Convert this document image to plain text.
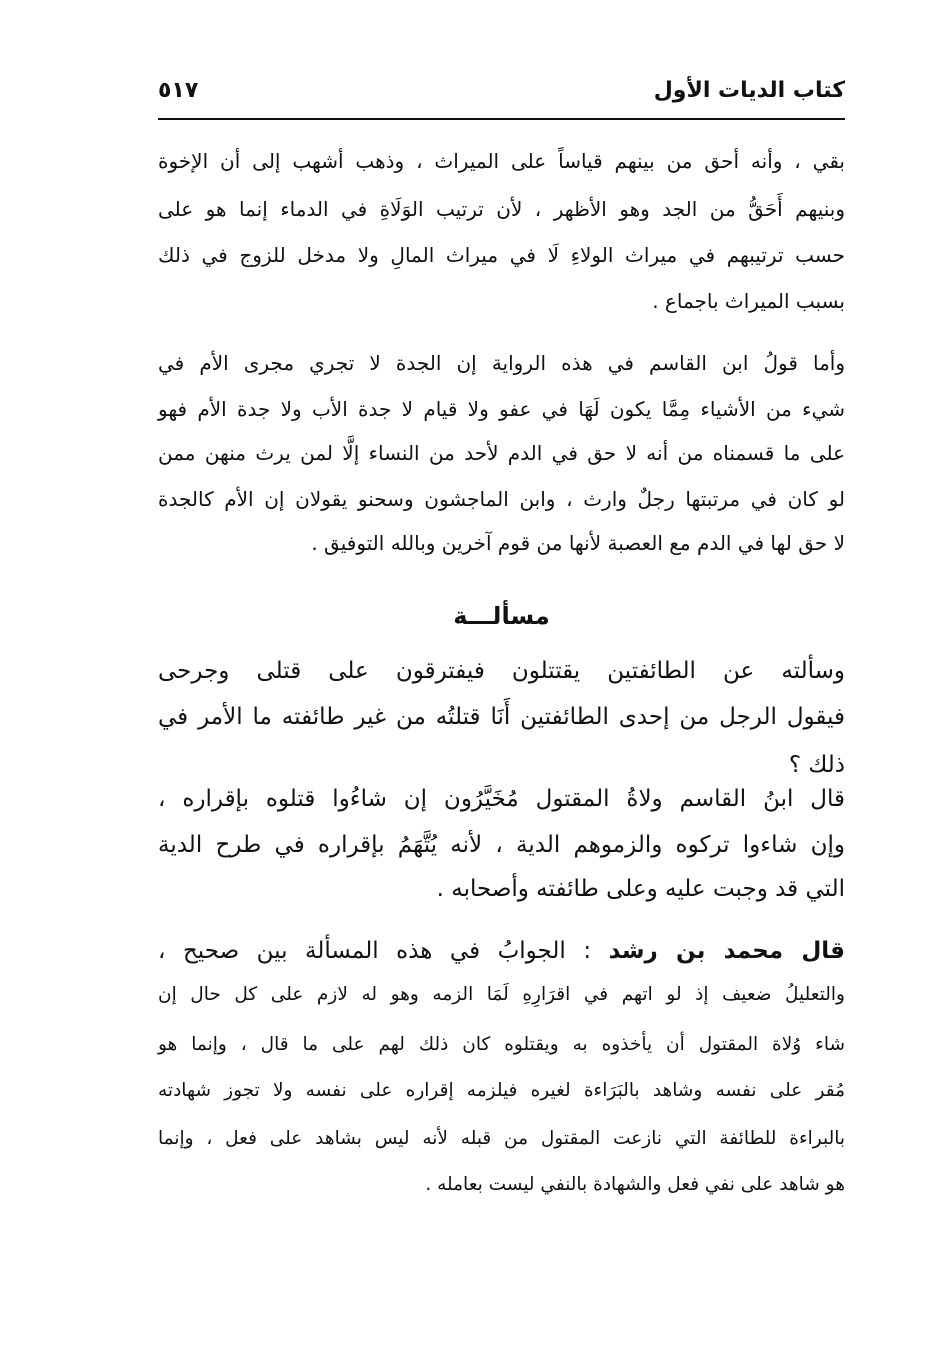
كتاب الديات الأول
٥١٧
بقي ، وأنه أحق من بينهم قياساً على الميراث ، وذهب أشهب إلى أن الإخوة
وبنيهم أَحَقُّ من الجد وهو الأظهر ، لأن ترتيب الوَلَاةِ في الدماء إنما هو على
حسب ترتيبهم في ميراث الولاءِ لَا في ميراث المالِ ولا مدخل للزوج في ذلك
بسبب الميراث باجماع .
وأما قولُ ابن القاسم في هذه الرواية إن الجدة لا تجري مجرى الأم في
شيء من الأشياء مِمَّا يكون لَهَا في عفو ولا قيام لا جدة الأب ولا جدة الأم فهو
على ما قسمناه من أنه لا حق في الدم لأحد من النساء إلَّا لمن يرث منهن ممن
لو كان في مرتبتها رجلٌ وارث ، وابن الماجشون وسحنو يقولان إن الأم كالجدة
لا حق لها في الدم مع العصبة لأنها من قوم آخرين وبالله التوفيق .
مسألـــة
وسألته عن الطائفتين يقتتلون فيفترقون على قتلى وجرحى
فيقول الرجل من إحدى الطائفتين أَنَا قتلتُه من غير طائفته ما الأمر في
ذلك ؟
قال ابنُ القاسم ولاةُ المقتول مُخَيَّرُون إن شاءُوا قتلوه بإقراره ،
وإن شاءوا تركوه والزموهم الدية ، لأنه يُتَّهَمُ بإقراره في طرح الدية
التي قد وجبت عليه وعلى طائفته وأصحابه .
قال محمد بن رشد : الجوابُ في هذه المسألة بين صحيح ،
والتعليلُ ضعيف إذ لو اتهم في اقرَارِهِ لَمَا الزمه وهو له لازم على كل حال إن
شاء وُلاة المقتول أن يأخذوه به ويقتلوه كان ذلك لهم على ما قال ، وإنما هو
مُقر على نفسه وشاهد بالبَرَاءة لغيره فيلزمه إقراره على نفسه ولا تجوز شهادته
بالبراءة للطائفة التي نازعت المقتول من قبله لأنه ليس بشاهد على فعل ، وإنما
هو شاهد على نفي فعل والشهادة بالنفي ليست بعامله .
